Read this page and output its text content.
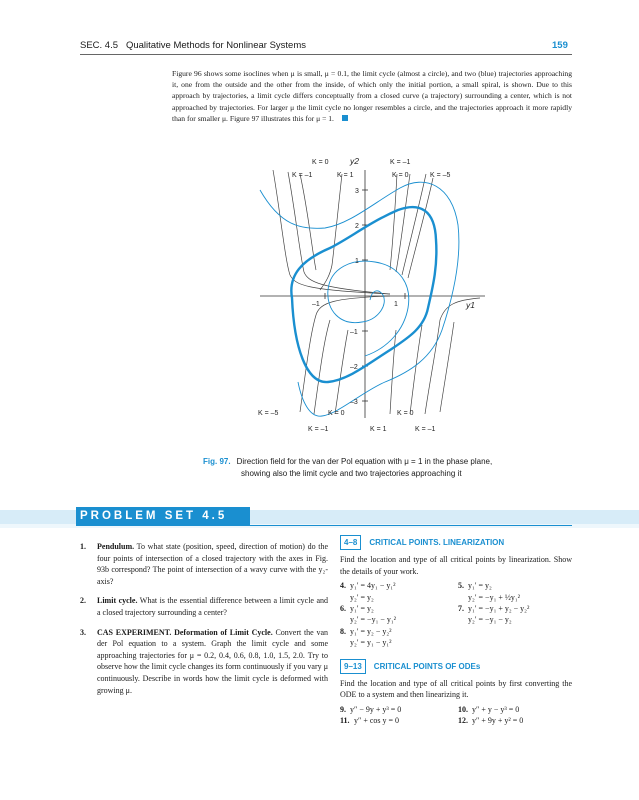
SEC. 4.5 Qualitative Methods for Nonlinear Systems	159
Figure 96 shows some isoclines when μ is small, μ = 0.1, the limit cycle (almost a circle), and two (blue) trajectories approaching it, one from the outside and the other from the inside, of which only the initial portion, a small spiral, is shown. Due to this approach by trajectories, a limit cycle differs conceptually from a closed curve (a trajectory) surrounding a center, which is not approached by trajectories. For larger μ the limit cycle no longer resembles a circle, and the trajectories approach it more rapidly than for smaller μ. Figure 97 illustrates this for μ = 1.
y2
y1
–1	1
3
2
1
–1
–2
–3
K = 0	K = –1
K = –1	K = 1	K = 0	K = –5
K = –5	K = 0	K = 0
K = –1	K = 1	K = –1
Fig. 97. Direction field for the van der Pol equation with μ = 1 in the phase plane,
showing also the limit cycle and two trajectories approaching it
PROBLEM SET 4.5
1. Pendulum. To what state (position, speed, direction of motion) do the four points of intersection of a closed trajectory with the axes in Fig. 93b correspond? The point of intersection of a wavy curve with the y₂-axis?
2. Limit cycle. What is the essential difference between a limit cycle and a closed trajectory surrounding a center?
3. CAS EXPERIMENT. Deformation of Limit Cycle. Convert the van der Pol equation to a system. Graph the limit cycle and some approaching trajectories for μ = 0.2, 0.4, 0.6, 0.8, 1.0, 1.5, 2.0. Try to observe how the limit cycle changes its form continuously if you vary μ continuously. Describe in words how the limit cycle is deformed with growing μ.
4–8 CRITICAL POINTS. LINEARIZATION
Find the location and type of all critical points by linearization. Show the details of your work.
4. y₁′ = 4y₁ − y₁²
y₂′ = y₂
5. y₁′ = y₂
y₂′ = −y₁ + ½y₁²
6. y₁′ = y₂
y₂′ = −y₁ − y₁²
7. y₁′ = −y₁ + y₂ − y₂²
y₂′ = −y₁ − y₂
8. y₁′ = y₂ − y₂²
y₂′ = y₁ − y₁²
9–13 CRITICAL POINTS OF ODEs
Find the location and type of all critical points by first converting the ODE to a system and then linearizing it.
9. y″ − 9y + y³ = 0	10. y″ + y − y³ = 0
11. y″ + cos y = 0	12. y″ + 9y + y² = 0
